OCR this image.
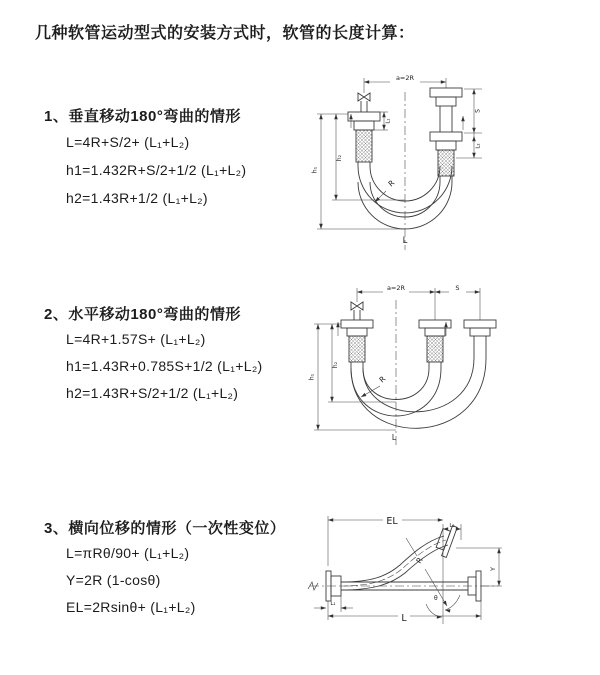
几种软管运动型式的安装方式时，软管的长度计算：
1、垂直移动180°弯曲的情形
L=4R+S/2+ (L₁+L₂)
h1=1.432R+S/2+1/2 (L₁+L₂)
h2=1.43R+1/2 (L₁+L₂)
2、水平移动180°弯曲的情形
L=4R+1.57S+ (L₁+L₂)
h1=1.43R+0.785S+1/2 (L₁+L₂)
h2=1.43R+S/2+1/2 (L₁+L₂)
3、横向位移的情形（一次性变位）
L=πRθ/90+ (L₁+L₂)
Y=2R (1-cosθ)
EL=2Rsinθ+ (L₁+L₂)
a=2R
S
L₂
L₁
h₂
h₁
R
L
a=2R	S
h₂
h₁	R
L
EL	L₂
R
θ
Y
L
L₁
